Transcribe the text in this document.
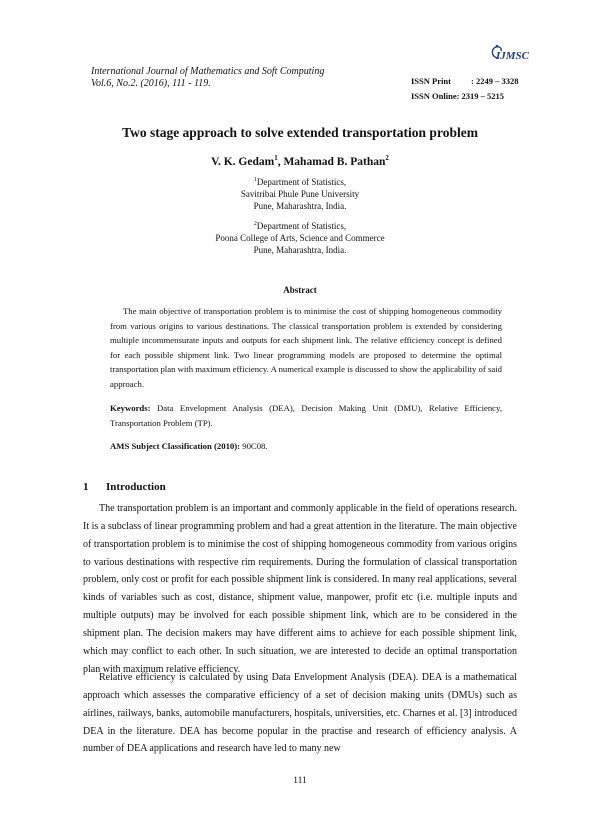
International Journal of Mathematics and Soft Computing
Vol.6, No.2. (2016), 111 - 119.
IJMSC
ISSN Print : 2249 – 3328
ISSN Online: 2319 – 5215
Two stage approach to solve extended transportation problem
V. K. Gedam$^1$, Mahamad B. Pathan$^2$
$^1$Department of Statistics,
Savitribai Phule Pune University
Pune, Maharashtra, India.
$^2$Department of Statistics,
Poona College of Arts, Science and Commerce
Pune, Maharashtra, India.
Abstract

The main objective of transportation problem is to minimise the cost of shipping homogeneous commodity from various origins to various destinations. The classical transportation problem is extended by considering multiple incommensurate inputs and outputs for each shipment link. The relative efficiency concept is defined for each possible shipment link. Two linear programming models are proposed to determine the optimal transportation plan with maximum efficiency. A numerical example is discussed to show the applicability of said approach.

Keywords: Data Envelopment Analysis (DEA), Decision Making Unit (DMU), Relative Efficiency, Transportation Problem (TP).

AMS Subject Classification (2010): 90C08.
1 Introduction

The transportation problem is an important and commonly applicable in the field of operations research. It is a subclass of linear programming problem and had a great attention in the literature. The main objective of transportation problem is to minimise the cost of shipping homogeneous commodity from various origins to various destinations with respective rim requirements. During the formulation of classical transportation problem, only cost or profit for each possible shipment link is considered. In many real applications, several kinds of variables such as cost, distance, shipment value, manpower, profit etc (i.e. multiple inputs and multiple outputs) may be involved for each possible shipment link, which are to be considered in the shipment plan. The decision makers may have different aims to achieve for each possible shipment link, which may conflict to each other. In such situation, we are interested to decide an optimal transportation plan with maximum relative efficiency.

Relative efficiency is calculated by using Data Envelopment Analysis (DEA). DEA is a mathematical approach which assesses the comparative efficiency of a set of decision making units (DMUs) such as airlines, railways, banks, automobile manufacturers, hospitals, universities, etc. Charnes et al. [3] introduced DEA in the literature. DEA has become popular in the practise and research of efficiency analysis. A number of DEA applications and research have led to many new

111
